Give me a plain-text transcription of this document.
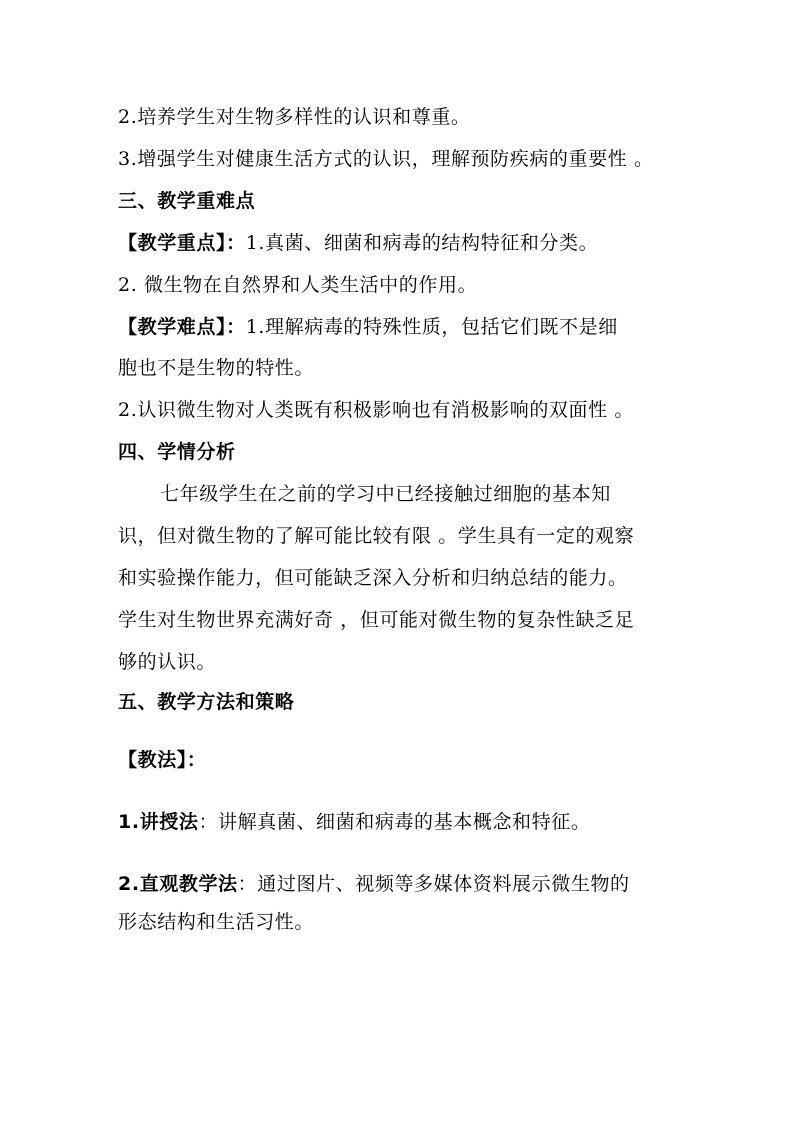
2.培养学生对生物多样性的认识和尊重。
3.增强学生对健康生活方式的认识，理解预防疾病的重要性 。
三、教学重难点
【教学重点】：1.真菌、细菌和病毒的结构特征和分类。
2. 微生物在自然界和人类生活中的作用。
【教学难点】：1.理解病毒的特殊性质，包括它们既不是细
胞也不是生物的特性。
2.认识微生物对人类既有积极影响也有消极影响的双面性 。
四、学情分析
七年级学生在之前的学习中已经接触过细胞的基本知
识，但对微生物的了解可能比较有限 。学生具有一定的观察
和实验操作能力，但可能缺乏深入分析和归纳总结的能力。
学生对生物世界充满好奇 ，但可能对微生物的复杂性缺乏足
够的认识。
五、教学方法和策略
【教法】：
1.讲授法：讲解真菌、细菌和病毒的基本概念和特征。
2.直观教学法：通过图片、视频等多媒体资料展示微生物的
形态结构和生活习性。
